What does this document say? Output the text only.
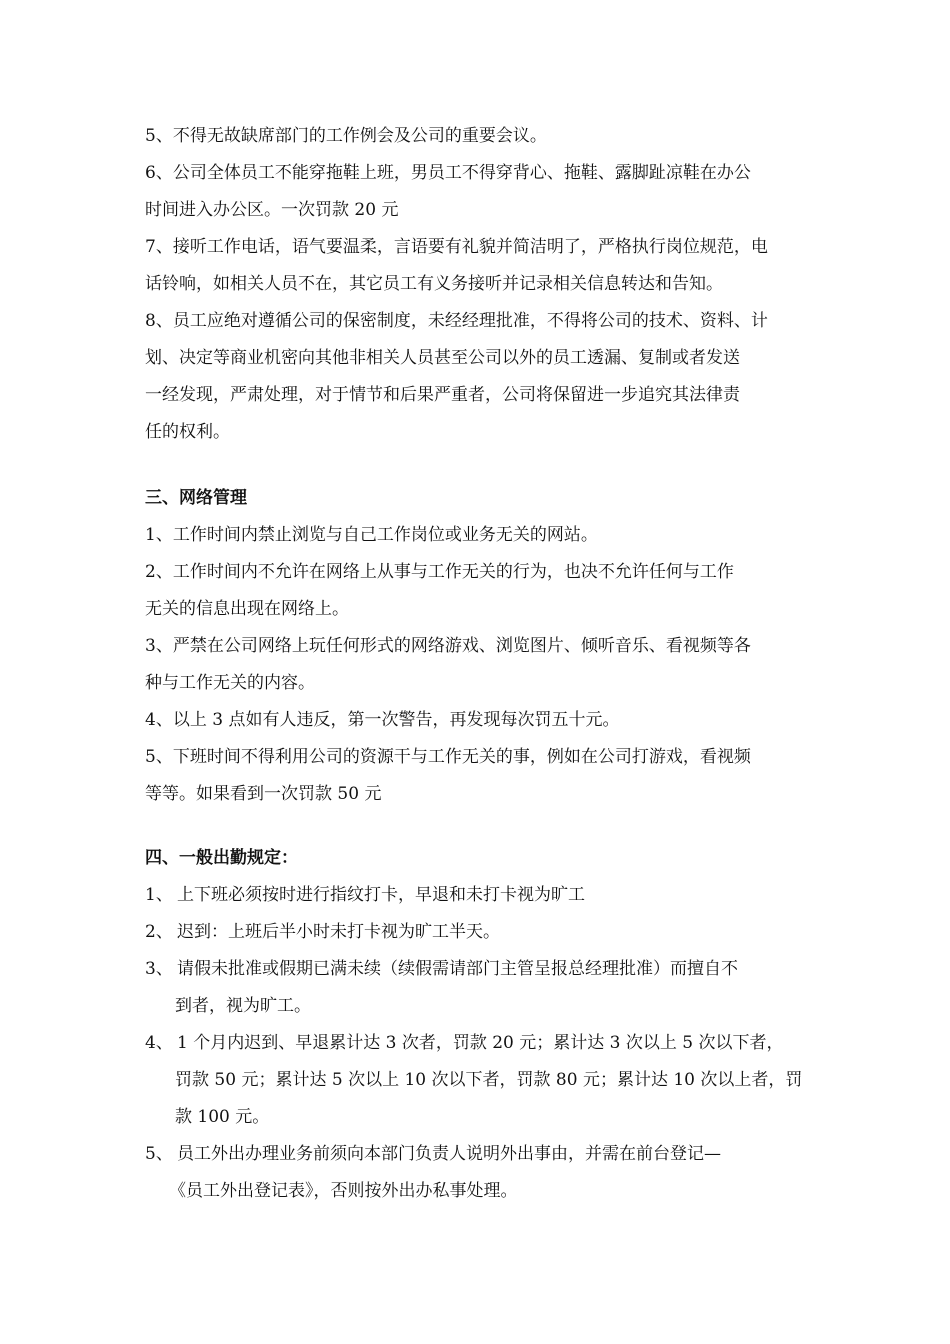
5、不得无故缺席部门的工作例会及公司的重要会议。
6、公司全体员工不能穿拖鞋上班，男员工不得穿背心、拖鞋、露脚趾凉鞋在办公
时间进入办公区。一次罚款 20 元
7、接听工作电话，语气要温柔，言语要有礼貌并简洁明了，严格执行岗位规范，电
话铃响，如相关人员不在，其它员工有义务接听并记录相关信息转达和告知。
8、员工应绝对遵循公司的保密制度，未经经理批准，不得将公司的技术、资料、计
划、决定等商业机密向其他非相关人员甚至公司以外的员工透漏、复制或者发送
一经发现，严肃处理，对于情节和后果严重者，公司将保留进一步追究其法律责
任的权利。
三、网络管理
1、工作时间内禁止浏览与自己工作岗位或业务无关的网站。
2、工作时间内不允许在网络上从事与工作无关的行为，也决不允许任何与工作
无关的信息出现在网络上。
3、严禁在公司网络上玩任何形式的网络游戏、浏览图片、倾听音乐、看视频等各
种与工作无关的内容。
4、以上 3 点如有人违反，第一次警告，再发现每次罚五十元。
5、下班时间不得利用公司的资源干与工作无关的事，例如在公司打游戏，看视频
等等。如果看到一次罚款 50 元
四、一般出勤规定：
1、 上下班必须按时进行指纹打卡，早退和未打卡视为旷工
2、 迟到：上班后半小时未打卡视为旷工半天。
3、 请假未批准或假期已满未续（续假需请部门主管呈报总经理批准）而擅自不
到者，视为旷工。
4、 1 个月内迟到、早退累计达 3 次者，罚款 20 元；累计达 3 次以上 5 次以下者，
罚款 50 元；累计达 5 次以上 10 次以下者，罚款 80 元；累计达 10 次以上者，罚
款 100 元。
5、 员工外出办理业务前须向本部门负责人说明外出事由，并需在前台登记—
《员工外出登记表》，否则按外出办私事处理。
